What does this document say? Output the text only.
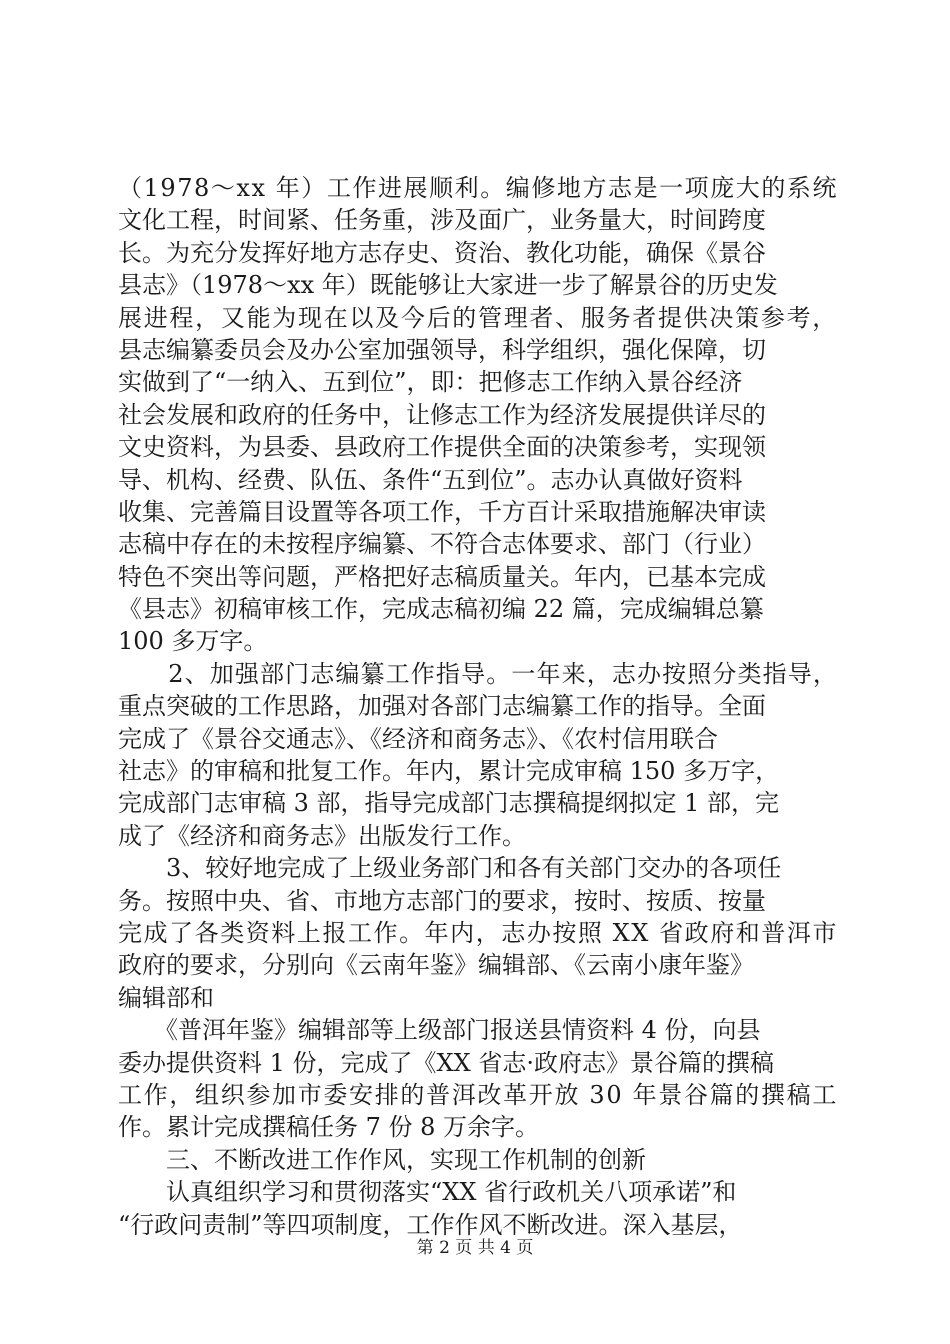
（1978～xx 年）工作进展顺利。编修地方志是一项庞大的系统
文化工程，时间紧、任务重，涉及面广，业务量大，时间跨度
长。为充分发挥好地方志存史、资治、教化功能，确保《景谷
县志》（1978～xx 年）既能够让大家进一步了解景谷的历史发
展进程，又能为现在以及今后的管理者、服务者提供决策参考，
县志编纂委员会及办公室加强领导，科学组织，强化保障，切
实做到了“一纳入、五到位”，即：把修志工作纳入景谷经济
社会发展和政府的任务中，让修志工作为经济发展提供详尽的
文史资料，为县委、县政府工作提供全面的决策参考，实现领
导、机构、经费、队伍、条件“五到位”。志办认真做好资料
收集、完善篇目设置等各项工作，千方百计采取措施解决审读
志稿中存在的未按程序编纂、不符合志体要求、部门（行业）
特色不突出等问题，严格把好志稿质量关。年内，已基本完成
《县志》初稿审核工作，完成志稿初编 22 篇，完成编辑总纂
100 多万字。
　　2、加强部门志编纂工作指导。一年来，志办按照分类指导，
重点突破的工作思路，加强对各部门志编纂工作的指导。全面
完成了《景谷交通志》、《经济和商务志》、《农村信用联合
社志》的审稿和批复工作。年内，累计完成审稿 150 多万字，
完成部门志审稿 3 部，指导完成部门志撰稿提纲拟定 1 部，完
成了《经济和商务志》出版发行工作。
　　3、较好地完成了上级业务部门和各有关部门交办的各项任
务。按照中央、省、市地方志部门的要求，按时、按质、按量
完成了各类资料上报工作。年内，志办按照 XX 省政府和普洱市
政府的要求，分别向《云南年鉴》编辑部、《云南小康年鉴》
编辑部和
　　《普洱年鉴》编辑部等上级部门报送县情资料 4 份，向县
委办提供资料 1 份，完成了《XX 省志·政府志》景谷篇的撰稿
工作，组织参加市委安排的普洱改革开放 30 年景谷篇的撰稿工
作。累计完成撰稿任务 7 份 8 万余字。
　　三、不断改进工作作风，实现工作机制的创新
　　认真组织学习和贯彻落实“XX 省行政机关八项承诺”和
“行政问责制”等四项制度，工作作风不断改进。深入基层，
第 2 页 共 4 页
